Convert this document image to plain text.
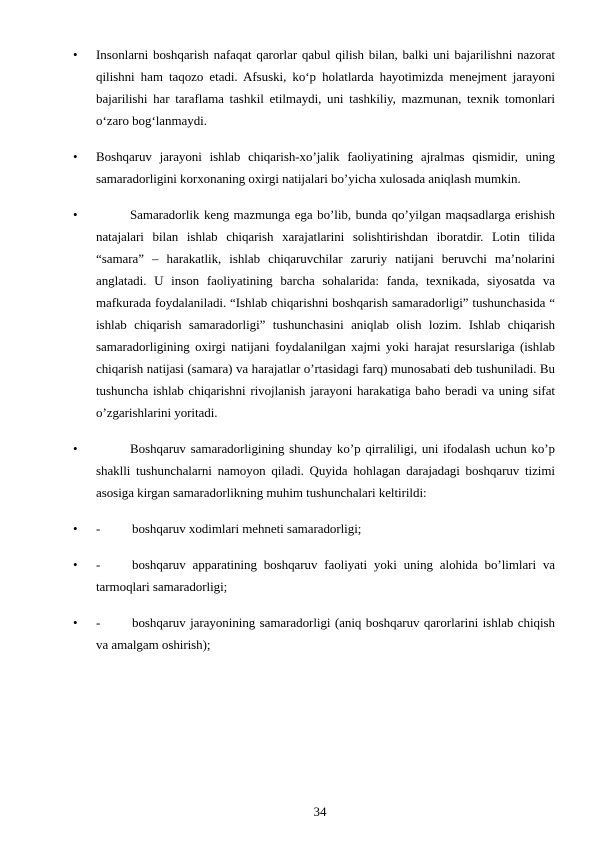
• Insonlarni boshqarish nafaqat qarorlar qabul qilish bilan, balki uni bajarilishni nazorat qilishni ham taqozo etadi. Afsuski, ko‘p holatlarda hayotimizda menejment jarayoni bajarilishi har taraflama tashkil etilmaydi, uni tashkiliy, mazmunan, texnik tomonlari o‘zaro bog‘lanmaydi.

• Boshqaruv jarayoni ishlab chiqarish-xo’jalik faoliyatining ajralmas qismidir, uning samaradorligini korxonaning oxirgi natijalari bo’yicha xulosada aniqlash mumkin.

•	Samaradorlik keng mazmunga ega bo’lib, bunda qo’yilgan maqsadlarga erishish natajalari bilan ishlab chiqarish xarajatlarini solishtirishdan iboratdir. Lotin tilida “samara” – harakatlik, ishlab chiqaruvchilar zaruriy natijani beruvchi ma’nolarini anglatadi. U inson faoliyatining barcha sohalarida: fanda, texnikada, siyosatda va mafkurada foydalaniladi. “Ishlab chiqarishni boshqarish samaradorligi” tushunchasida “ ishlab chiqarish samaradorligi” tushunchasini aniqlab olish lozim. Ishlab chiqarish samaradorligining oxirgi natijani foydalanilgan xajmi yoki harajat resurslariga (ishlab chiqarish natijasi (samara) va harajatlar o’rtasidagi farq) munosabati deb tushuniladi. Bu tushuncha ishlab chiqarishni rivojlanish jarayoni harakatiga baho beradi va uning sifat o’zgarishlarini yoritadi.

•	Boshqaruv samaradorligining shunday ko’p qirraliligi, uni ifodalash uchun ko’p shaklli tushunchalarni namoyon qiladi. Quyida hohlagan darajadagi boshqaruv tizimi asosiga kirgan samaradorlikning muhim tushunchalari keltirildi:

• - boshqaruv xodimlari mehneti samaradorligi;

• - boshqaruv apparatining boshqaruv faoliyati yoki uning alohida bo’limlari va tarmoqlari samaradorligi;

• - boshqaruv jarayonining samaradorligi (aniq boshqaruv qarorlarini ishlab chiqish va amalgam oshirish);

34
